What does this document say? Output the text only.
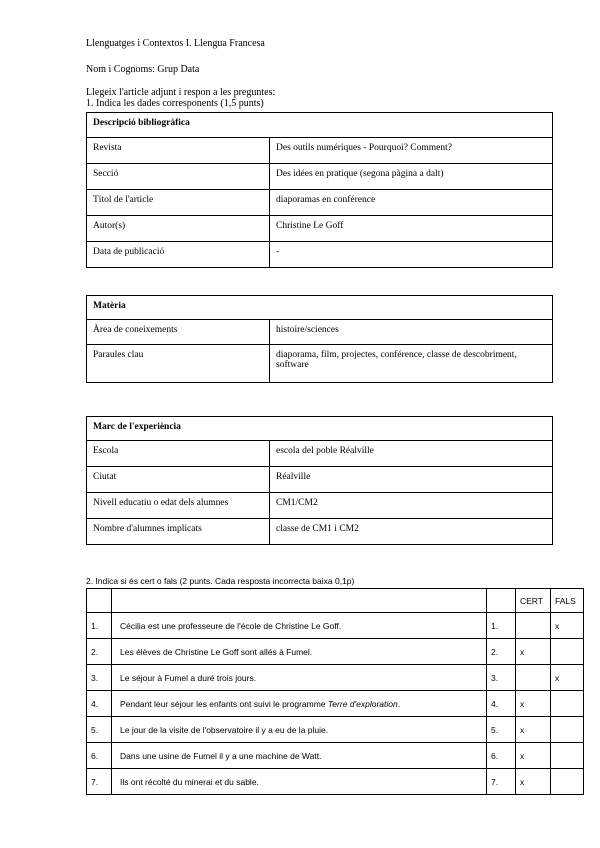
Llenguatges i Contextos I. Llengua Francesa
Nom i Cognoms: Grup Data
Llegeix l'article adjunt i respon a les preguntes:
1. Indica les dades corresponents (1,5 punts)
Descripció bibliogràfica	
Revista	Des outils numériques - Pourquoi? Comment?
Secció	Des idées en pratique (segona pàgina a dalt)
Títol de l'article	diaporamas en conférence
Autor(s)	Christine Le Goff
Data de publicació	-
Matèria	
Àrea de coneixements	histoire/sciences
Paraules clau	diaporama, film, projectes, conférence, classe de descobriment, software
Marc de l'experiència	
Escola	escola del poble Réalville
Ciutat	Réalville
Nivell educatiu o edat dels alumnes	CM1/CM2
Nombre d'alumnes implicats	classe de CM1 i CM2
2. Indica si és cert o fals (2 punts. Cada resposta incorrecta baixa 0,1p)
			CERT	FALS
1.	Cécilia est une professeure de l'école de Christine Le Goff.	1.		x
2.	Les élèves de Christine Le Goff sont allés à Fumel.	2.	x	
3.	Le séjour à Fumel a duré trois jours.	3.		x
4.	Pendant leur séjour les enfants ont suivi le programme Terre d'exploration.	4.	x	
5.	Le jour de la visite de l'observatoire il y a eu de la pluie.	5.	x	
6.	Dans une usine de Fumel il y a une machine de Watt.	6.	x	
7.	Ils ont récolté du minerai et du sable.	7.	x	
